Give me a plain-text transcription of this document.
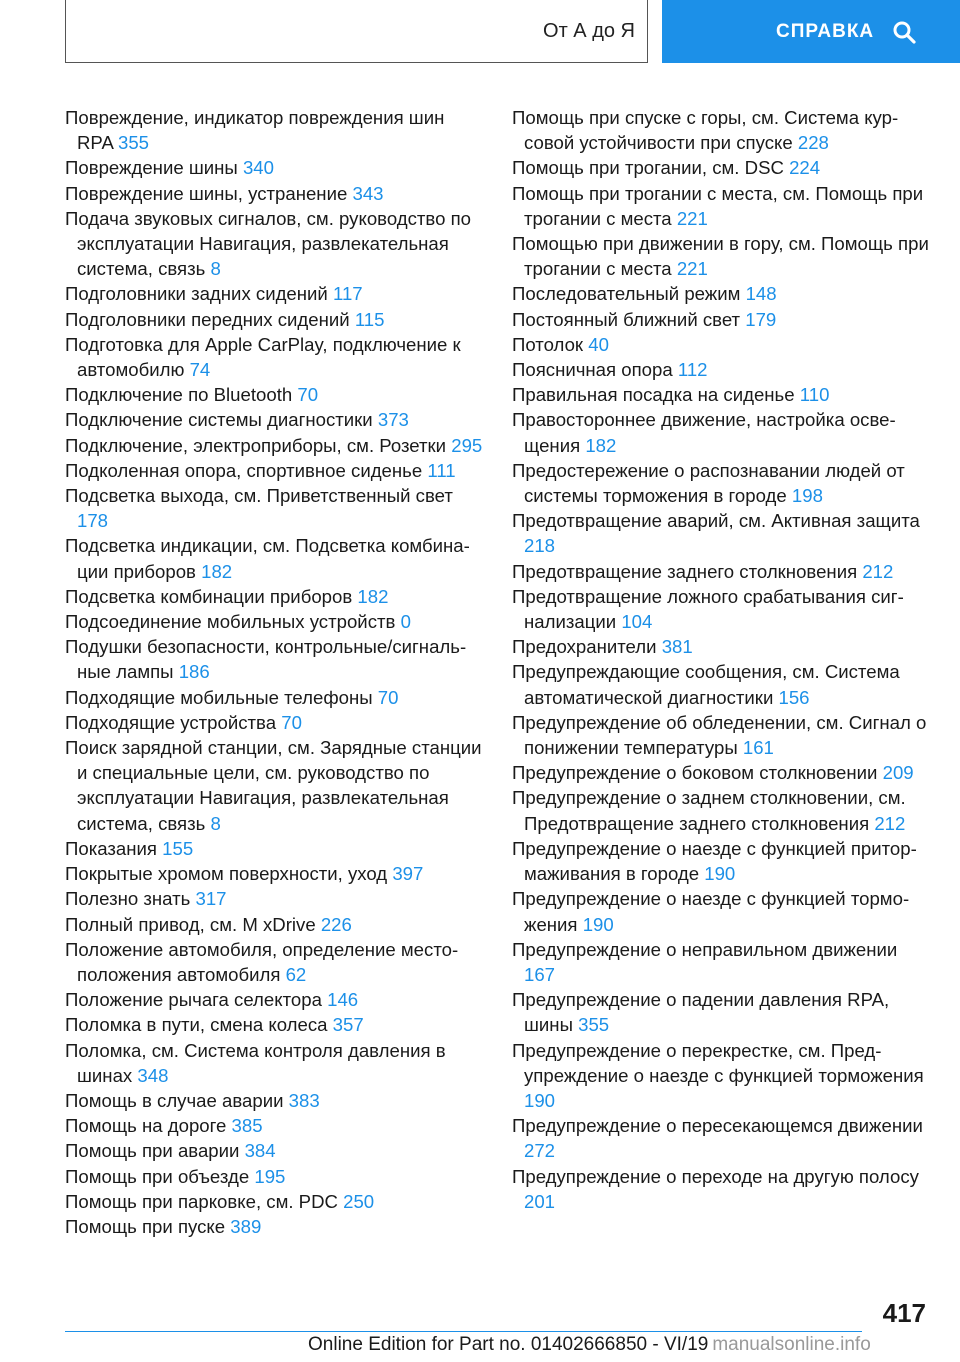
От А до Я	СПРАВКА

Повреждение, индикатор повреждения шин RPA 355

Повреждение шины 340

Повреждение шины, устранение 343

Подача звуковых сигналов, см. руководство по эксплуатации Навигация, развлекательная система, связь 8

Подголовники задних сидений 117

Подголовники передних сидений 115

Подготовка для Apple CarPlay, подключение к автомобилю 74

Подключение по Bluetooth 70

Подключение системы диагностики 373

Подключение, электроприборы, см. Розетки 295

Подколенная опора, спортивное сиденье 111

Подсветка выхода, см. Приветственный свет 178

Подсветка индикации, см. Подсветка комбинации приборов 182

Подсветка комбинации приборов 182

Подсоединение мобильных устройств 0

Подушки безопасности, контрольные/сигнальные лампы 186

Подходящие мобильные телефоны 70

Подходящие устройства 70

Поиск зарядной станции, см. Зарядные станции и специальные цели, см. руководство по эксплуатации Навигация, развлекательная система, связь 8

Показания 155

Покрытые хромом поверхности, уход 397

Полезно знать 317

Полный привод, см. M xDrive 226

Положение автомобиля, определение местоположения автомобиля 62

Положение рычага селектора 146

Поломка в пути, смена колеса 357

Поломка, см. Система контроля давления в шинах 348

Помощь в случае аварии 383

Помощь на дороге 385

Помощь при аварии 384

Помощь при объезде 195

Помощь при парковке, см. PDC 250

Помощь при пуске 389

Помощь при спуске с горы, см. Система курсовой устойчивости при спуске 228

Помощь при трогании, см. DSC 224

Помощь при трогании с места, см. Помощь при трогании с места 221

Помощью при движении в гору, см. Помощь при трогании с места 221

Последовательный режим 148

Постоянный ближний свет 179

Потолок 40

Поясничная опора 112

Правильная посадка на сиденье 110

Правостороннее движение, настройка освещения 182

Предостережение о распознавании людей от системы торможения в городе 198

Предотвращение аварий, см. Активная защита 218

Предотвращение заднего столкновения 212

Предотвращение ложного срабатывания сигнализации 104

Предохранители 381

Предупреждающие сообщения, см. Система автоматической диагностики 156

Предупреждение об обледенении, см. Сигнал о понижении температуры 161

Предупреждение о боковом столкновении 209

Предупреждение о заднем столкновении, см. Предотвращение заднего столкновения 212

Предупреждение о наезде с функцией притормаживания в городе 190

Предупреждение о наезде с функцией торможения 190

Предупреждение о неправильном движении 167

Предупреждение о падении давления RPA, шины 355

Предупреждение о перекрестке, см. Предупреждение о наезде с функцией торможения 190

Предупреждение о пересекающемся движении 272

Предупреждение о переходе на другую полосу 201

417
Online Edition for Part no. 01402666850 - VI/19 manualsonline.info
